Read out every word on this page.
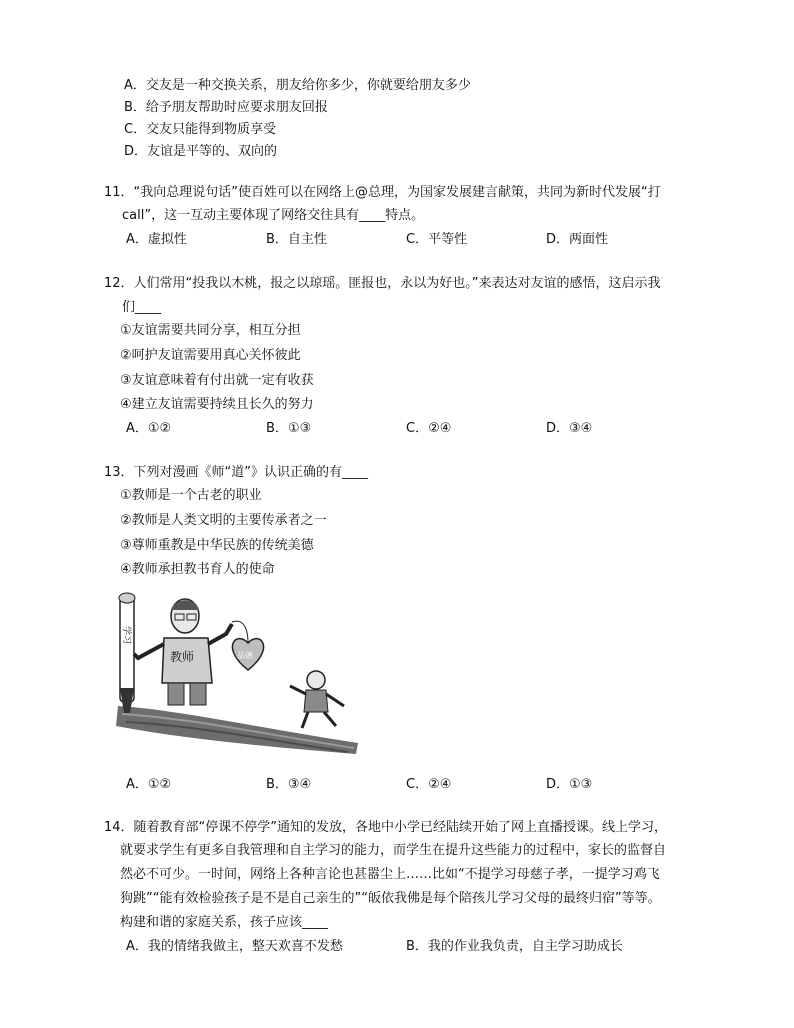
A．交友是一种交换关系，朋友给你多少，你就要给朋友多少
B．给予朋友帮助时应要求朋友回报
C．交友只能得到物质享受
D．友谊是平等的、双向的
11．“我向总理说句话”使百姓可以在网络上@总理，为国家发展建言献策，共同为新时代发展“打
call”，这一互动主要体现了网络交往具有____特点。
A．虚拟性	B．自主性	C．平等性	D．两面性
12．人们常用“投我以木桃，报之以琼瑶。匪报也，永以为好也。”来表达对友谊的感悟，这启示我
们____
①友谊需要共同分享，相互分担
②呵护友谊需要用真心关怀彼此
③友谊意味着有付出就一定有收获
④建立友谊需要持续且长久的努力
A．①②	B．①③	C．②④	D．③④
13．下列对漫画《师“道”》认识正确的有____
①教师是一个古老的职业
②教师是人类文明的主要传承者之一
③尊师重教是中华民族的传统美德
④教师承担教书育人的使命
学习
教师	品德
A．①②	B．③④	C．②④	D．①③
14．随着教育部“停课不停学”通知的发放，各地中小学已经陆续开始了网上直播授课。线上学习，
就要求学生有更多自我管理和自主学习的能力，而学生在提升这些能力的过程中，家长的监督自
然必不可少。一时间，网络上各种言论也甚嚣尘上……比如“不提学习母慈子孝，一提学习鸡飞
狗跳”“能有效检验孩子是不是自己亲生的”“皈依我佛是每个陪孩儿学习父母的最终归宿”等等。
构建和谐的家庭关系，孩子应该____
A．我的情绪我做主，整天欢喜不发愁	B．我的作业我负责，自主学习助成长
